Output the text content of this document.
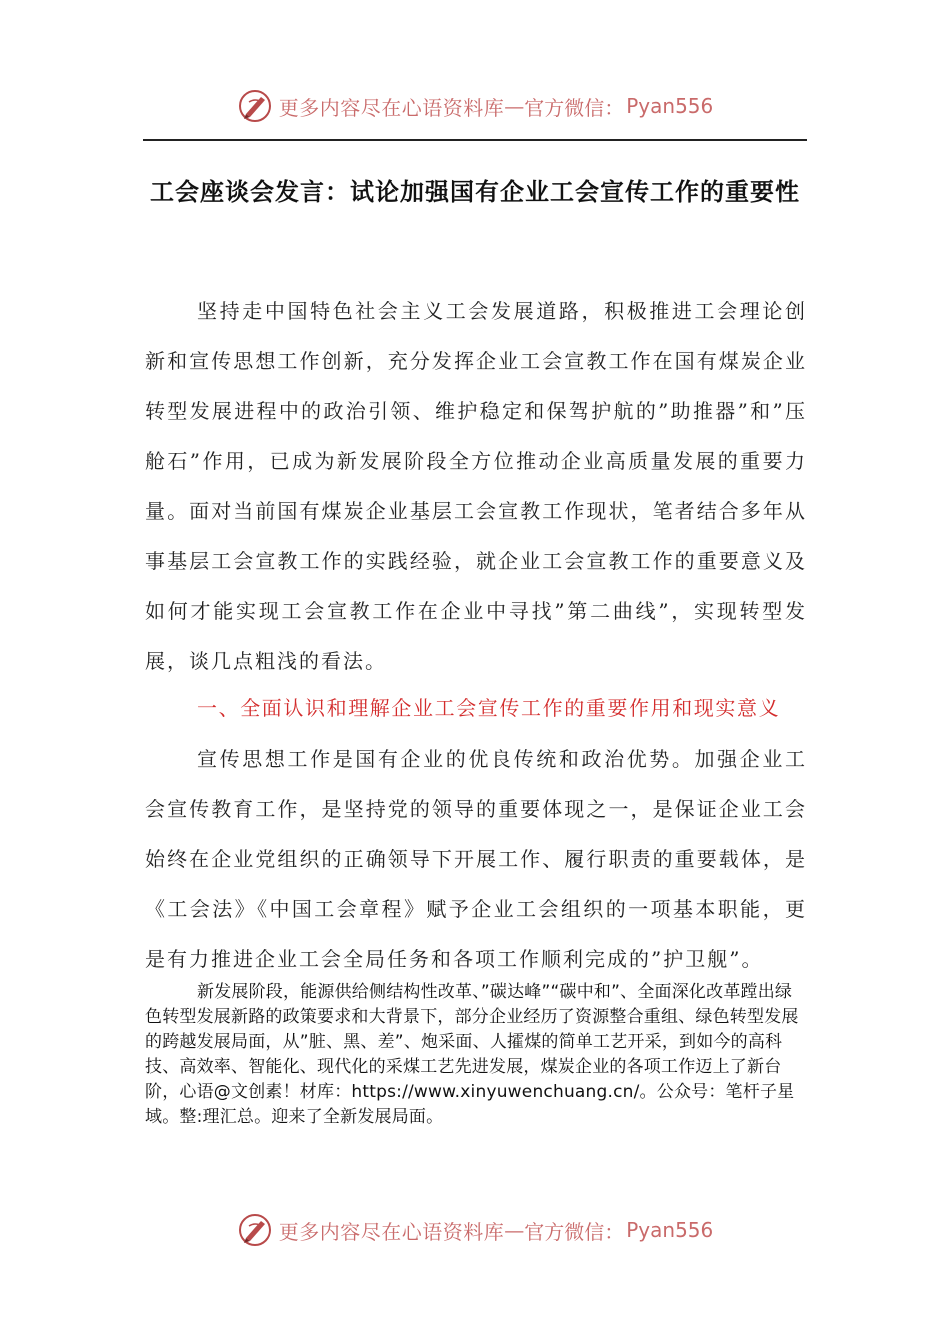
更多内容尽在心语资料库 — 官方微信： Pyan556
工会座谈会发言：试论加强国有企业工会宣传工作的重要性

坚持走中国特色社会主义工会发展道路，积极推进工会理论创新和宣传思想工作创新，充分发挥企业工会宣教工作在国有煤炭企业转型发展进程中的政治引领、维护稳定和保驾护航的”助推器”和”压舱石”作用，已成为新发展阶段全方位推动企业高质量发展的重要力量。面对当前国有煤炭企业基层工会宣教工作现状，笔者结合多年从事基层工会宣教工作的实践经验，就企业工会宣教工作的重要意义及如何才能实现工会宣教工作在企业中寻找”第二曲线”，实现转型发展，谈几点粗浅的看法。

一、全面认识和理解企业工会宣传工作的重要作用和现实意义

宣传思想工作是国有企业的优良传统和政治优势。加强企业工会宣传教育工作，是坚持党的领导的重要体现之一，是保证企业工会始终在企业党组织的正确领导下开展工作、履行职责的重要载体，是《工会法》《中国工会章程》赋予企业工会组织的一项基本职能，更是有力推进企业工会全局任务和各项工作顺利完成的”护卫舰”。

新发展阶段，能源供给侧结构性改革、”碳达峰”“碳中和”、全面深化改革蹚出绿色转型发展新路的政策要求和大背景下，部分企业经历了资源整合重组、绿色转型发展的跨越发展局面，从”脏、黑、差”、炮采面、人攉煤的简单工艺开采，到如今的高科技、高效率、智能化、现代化的采煤工艺先进发展，煤炭企业的各项工作迈上了新台阶，心语@文创素！材库：https://www.xinyuwenchuang.cn/。公众号：笔杆子星域。整:理汇总。迎来了全新发展局面。

更多内容尽在心语资料库 — 官方微信： Pyan556
